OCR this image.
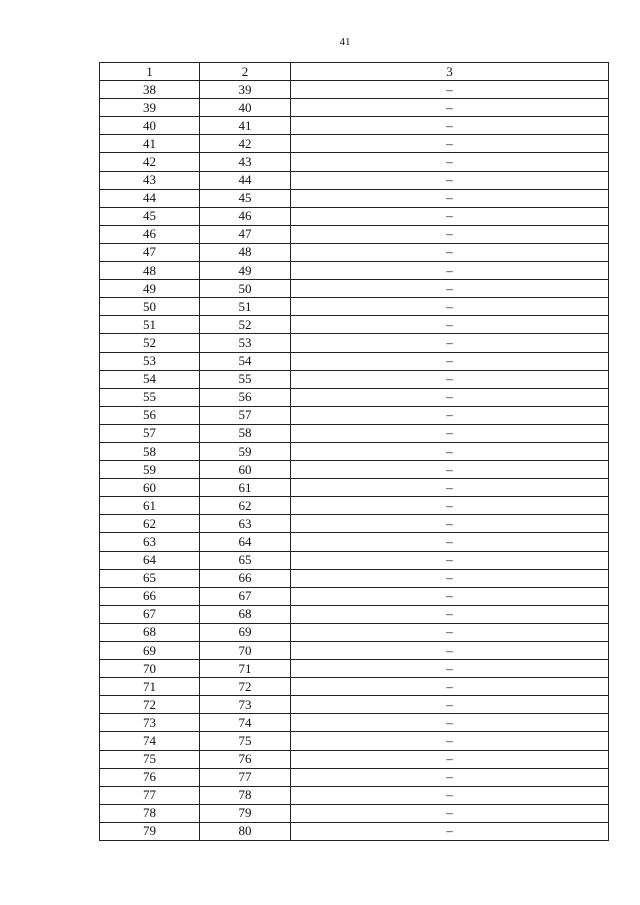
41
1	2	3
38	39	–
39	40	–
40	41	–
41	42	–
42	43	–
43	44	–
44	45	–
45	46	–
46	47	–
47	48	–
48	49	–
49	50	–
50	51	–
51	52	–
52	53	–
53	54	–
54	55	–
55	56	–
56	57	–
57	58	–
58	59	–
59	60	–
60	61	–
61	62	–
62	63	–
63	64	–
64	65	–
65	66	–
66	67	–
67	68	–
68	69	–
69	70	–
70	71	–
71	72	–
72	73	–
73	74	–
74	75	–
75	76	–
76	77	–
77	78	–
78	79	–
79	80	–
